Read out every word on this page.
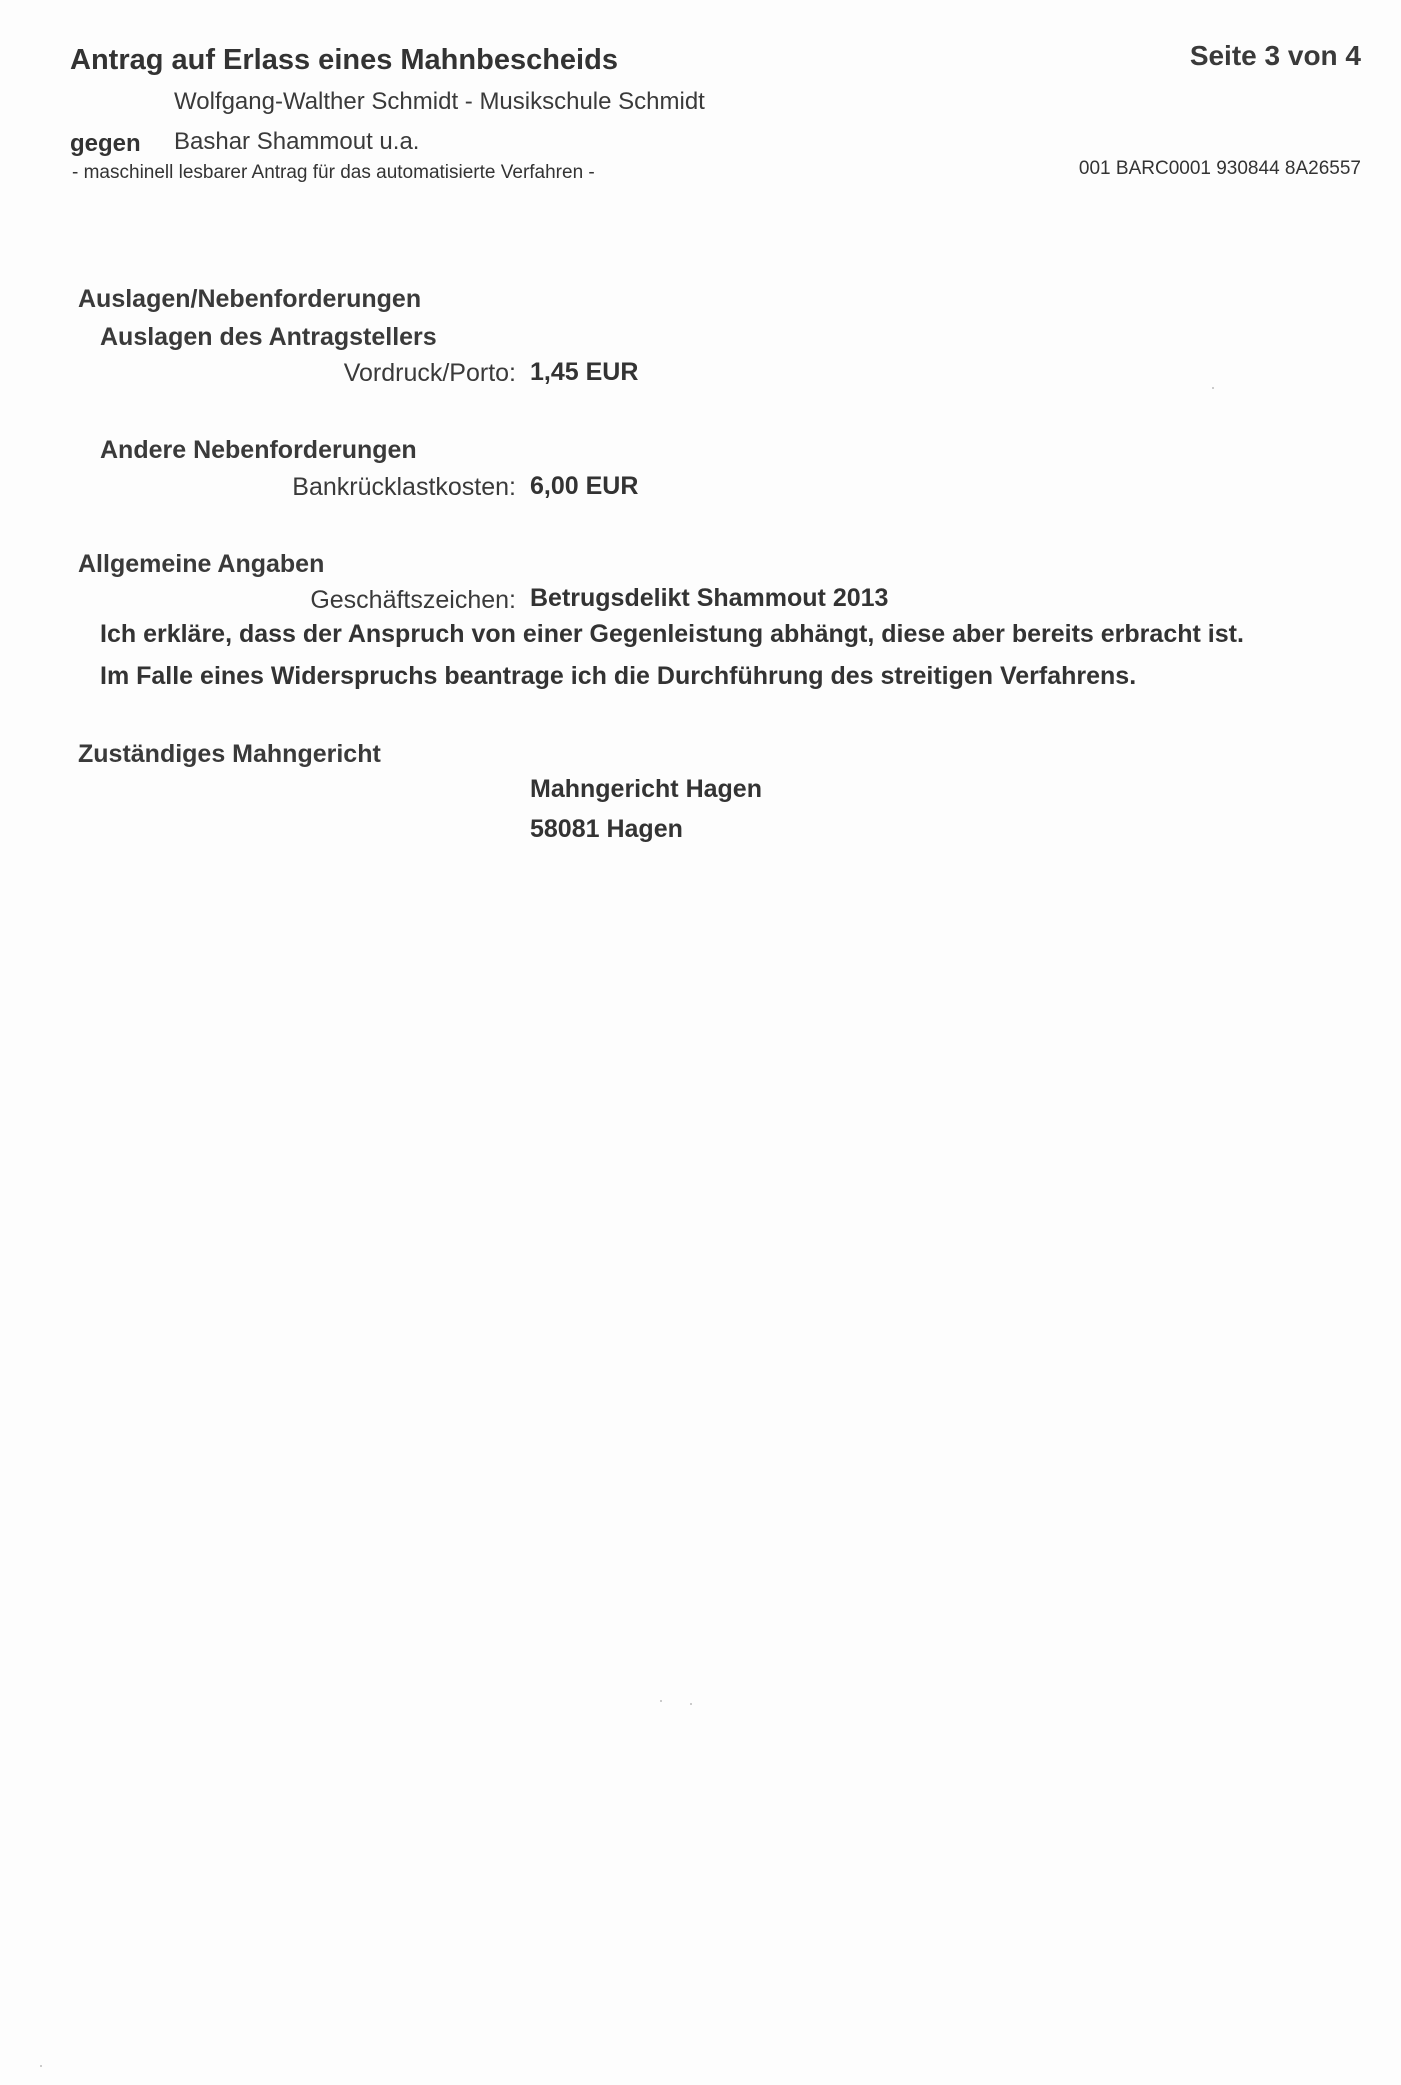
Antrag auf Erlass eines Mahnbescheids	Seite 3 von 4
Wolfgang-Walther Schmidt - Musikschule Schmidt
gegen Bashar Shammout u.a.
- maschinell lesbarer Antrag für das automatisierte Verfahren -	001 BARC0001 930844 8A26557
Auslagen/Nebenforderungen
Auslagen des Antragstellers
Vordruck/Porto: 1,45 EUR
Andere Nebenforderungen
Bankrücklastkosten: 6,00 EUR
Allgemeine Angaben
Geschäftszeichen: Betrugsdelikt Shammout 2013
Ich erkläre, dass der Anspruch von einer Gegenleistung abhängt, diese aber bereits erbracht ist.
Im Falle eines Widerspruchs beantrage ich die Durchführung des streitigen Verfahrens.
Zuständiges Mahngericht
Mahngericht Hagen
58081 Hagen
